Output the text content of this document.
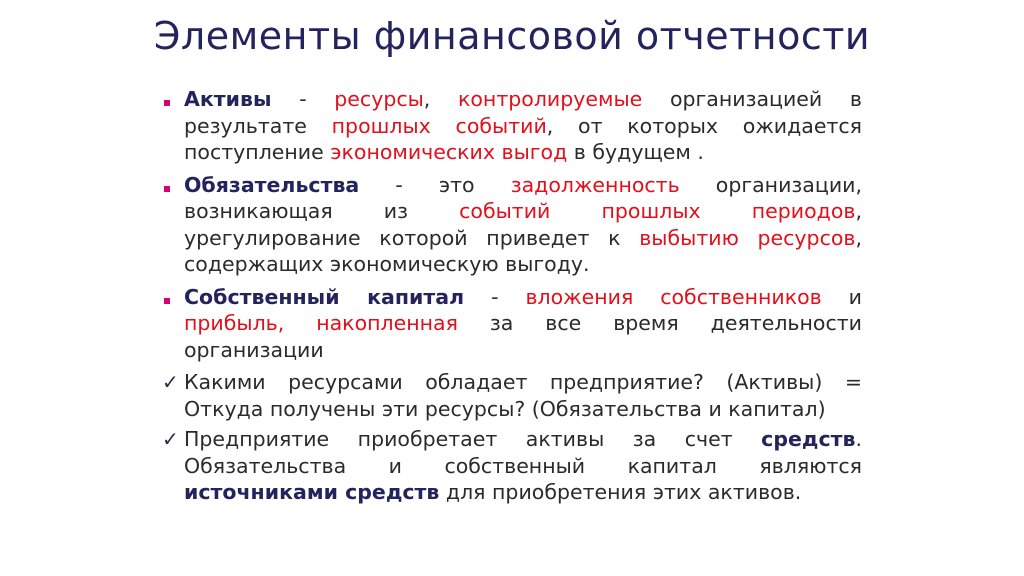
Элементы финансовой отчетности
Активы - ресурсы, контролируемые организацией в результате прошлых событий, от которых ожидается поступление экономических выгод в будущем .
Обязательства - это задолженность организации, возникающая из событий прошлых периодов, урегулирование которой приведет к выбытию ресурсов, содержащих экономическую выгоду.
Собственный капитал - вложения собственников и прибыль, накопленная за все время деятельности организации
✓ Какими ресурсами обладает предприятие? (Активы) = Откуда получены эти ресурсы? (Обязательства и капитал)
✓ Предприятие приобретает активы за счет средств. Обязательства и собственный капитал являются источниками средств для приобретения этих активов.
